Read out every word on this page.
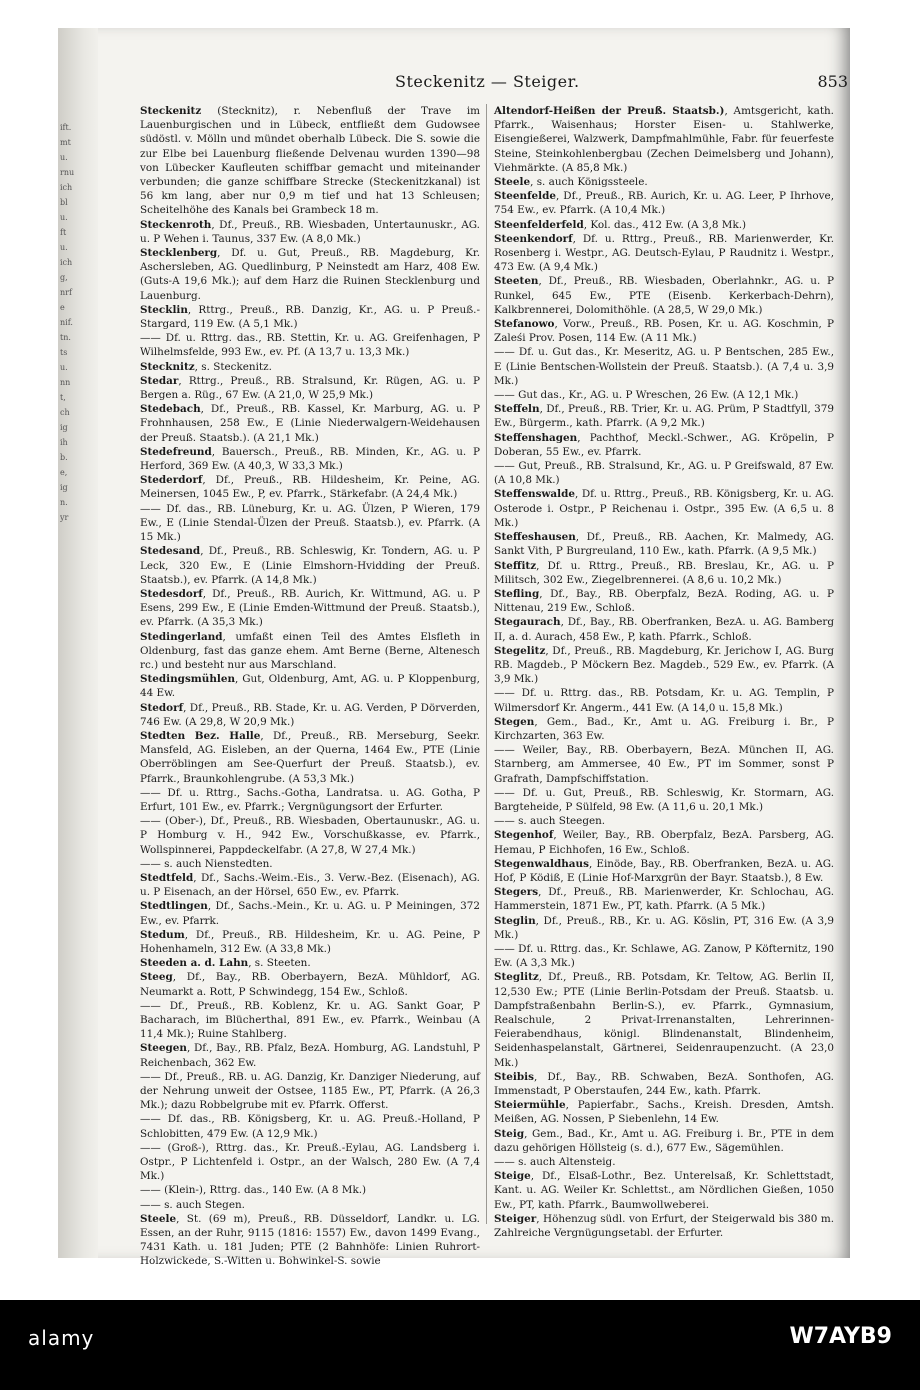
ift.
mt
u.
rnu
ich
bl
u.
ft
u.
ich
g,
nrf
e
nif.
tn.
ts
u.
nn
t,
ch
ig
ih
b.
e,
ig
n.
yr
Steckenitz — Steiger.	853

Steckenitz (Stecknitz), r. Nebenfluß der Trave im Lauenburgischen und in Lübeck, entfließt dem Gudowsee südöstl. v. Mölln und mündet oberhalb Lübeck. Die S. sowie die zur Elbe bei Lauenburg fließende Delvenau wurden 1390—98 von Lübecker Kaufleuten schiffbar gemacht und miteinander verbunden; die ganze schiffbare Strecke (Steckenitzkanal) ist 56 km lang, aber nur 0,9 m tief und hat 13 Schleusen; Scheitelhöhe des Kanals bei Grambeck 18 m.

Steckenroth, Df., Preuß., RB. Wiesbaden, Untertaunuskr., AG. u. P Wehen i. Taunus, 337 Ew. (A 8,0 Mk.)

Stecklenberg, Df. u. Gut, Preuß., RB. Magdeburg, Kr. Aschersleben, AG. Quedlinburg, P Neinstedt am Harz, 408 Ew. (Guts-A 19,6 Mk.); auf dem Harz die Ruinen Stecklenburg und Lauenburg.

Stecklin, Rttrg., Preuß., RB. Danzig, Kr., AG. u. P Preuß.-Stargard, 119 Ew. (A 5,1 Mk.)

—— Df. u. Rttrg. das., RB. Stettin, Kr. u. AG. Greifenhagen, P Wilhelmsfelde, 993 Ew., ev. Pf. (A 13,7 u. 13,3 Mk.)

Stecknitz, s. Steckenitz.

Stedar, Rttrg., Preuß., RB. Stralsund, Kr. Rügen, AG. u. P Bergen a. Rüg., 67 Ew. (A 21,0, W 25,9 Mk.)

Stedebach, Df., Preuß., RB. Kassel, Kr. Marburg, AG. u. P Frohnhausen, 258 Ew., E (Linie Niederwalgern-Weidehausen der Preuß. Staatsb.). (A 21,1 Mk.)

Stedefreund, Bauersch., Preuß., RB. Minden, Kr., AG. u. P Herford, 369 Ew. (A 40,3, W 33,3 Mk.)

Stederdorf, Df., Preuß., RB. Hildesheim, Kr. Peine, AG. Meinersen, 1045 Ew., P, ev. Pfarrk., Stärkefabr. (A 24,4 Mk.)

—— Df. das., RB. Lüneburg, Kr. u. AG. Ülzen, P Wieren, 179 Ew., E (Linie Stendal-Ülzen der Preuß. Staatsb.), ev. Pfarrk. (A 15 Mk.)

Stedesand, Df., Preuß., RB. Schleswig, Kr. Tondern, AG. u. P Leck, 320 Ew., E (Linie Elmshorn-Hvidding der Preuß. Staatsb.), ev. Pfarrk. (A 14,8 Mk.)

Stedesdorf, Df., Preuß., RB. Aurich, Kr. Wittmund, AG. u. P Esens, 299 Ew., E (Linie Emden-Wittmund der Preuß. Staatsb.), ev. Pfarrk. (A 35,3 Mk.)

Stedingerland, umfaßt einen Teil des Amtes Elsfleth in Oldenburg, fast das ganze ehem. Amt Berne (Berne, Altenesch rc.) und besteht nur aus Marschland.

Stedingsmühlen, Gut, Oldenburg, Amt, AG. u. P Kloppenburg, 44 Ew.

Stedorf, Df., Preuß., RB. Stade, Kr. u. AG. Verden, P Dörverden, 746 Ew. (A 29,8, W 20,9 Mk.)

Stedten Bez. Halle, Df., Preuß., RB. Merseburg, Seekr. Mansfeld, AG. Eisleben, an der Querna, 1464 Ew., PTE (Linie Oberröblingen am See-Querfurt der Preuß. Staatsb.), ev. Pfarrk., Braunkohlengrube. (A 53,3 Mk.)

—— Df. u. Rttrg., Sachs.-Gotha, Landratsa. u. AG. Gotha, P Erfurt, 101 Ew., ev. Pfarrk.; Vergnügungsort der Erfurter.

—— (Ober-), Df., Preuß., RB. Wiesbaden, Obertaunuskr., AG. u. P Homburg v. H., 942 Ew., Vorschußkasse, ev. Pfarrk., Wollspinnerei, Pappdeckelfabr. (A 27,8, W 27,4 Mk.)

—— s. auch Nienstedten.

Stedtfeld, Df., Sachs.-Weim.-Eis., 3. Verw.-Bez. (Eisenach), AG. u. P Eisenach, an der Hörsel, 650 Ew., ev. Pfarrk.

Stedtlingen, Df., Sachs.-Mein., Kr. u. AG. u. P Meiningen, 372 Ew., ev. Pfarrk.

Stedum, Df., Preuß., RB. Hildesheim, Kr. u. AG. Peine, P Hohenhameln, 312 Ew. (A 33,8 Mk.)

Steeden a. d. Lahn, s. Steeten.

Steeg, Df., Bay., RB. Oberbayern, BezA. Mühldorf, AG. Neumarkt a. Rott, P Schwindegg, 154 Ew., Schloß.

—— Df., Preuß., RB. Koblenz, Kr. u. AG. Sankt Goar, P Bacharach, im Blücherthal, 891 Ew., ev. Pfarrk., Weinbau (A 11,4 Mk.); Ruine Stahlberg.

Steegen, Df., Bay., RB. Pfalz, BezA. Homburg, AG. Landstuhl, P Reichenbach, 362 Ew.

—— Df., Preuß., RB. u. AG. Danzig, Kr. Danziger Niederung, auf der Nehrung unweit der Ostsee, 1185 Ew., PT, Pfarrk. (A 26,3 Mk.); dazu Robbelgrube mit ev. Pfarrk. Offerst.

—— Df. das., RB. Königsberg, Kr. u. AG. Preuß.-Holland, P Schlobitten, 479 Ew. (A 12,9 Mk.)

—— (Groß-), Rttrg. das., Kr. Preuß.-Eylau, AG. Landsberg i. Ostpr., P Lichtenfeld i. Ostpr., an der Walsch, 280 Ew. (A 7,4 Mk.)

—— (Klein-), Rttrg. das., 140 Ew. (A 8 Mk.)

—— s. auch Stegen.

Steele, St. (69 m), Preuß., RB. Düsseldorf, Landkr. u. LG. Essen, an der Ruhr, 9115 (1816: 1557) Ew., davon 1499 Evang., 7431 Kath. u. 181 Juden; PTE (2 Bahnhöfe: Linien Ruhrort-Holzwickede, S.-Witten u. Bohwinkel-S. sowie

Altendorf-Heißen der Preuß. Staatsb.), Amtsgericht, kath. Pfarrk., Waisenhaus; Horster Eisen- u. Stahlwerke, Eisengießerei, Walzwerk, Dampfmahlmühle, Fabr. für feuerfeste Steine, Steinkohlenbergbau (Zechen Deimelsberg und Johann), Viehmärkte. (A 85,8 Mk.)

Steele, s. auch Königssteele.

Steenfelde, Df., Preuß., RB. Aurich, Kr. u. AG. Leer, P Ihrhove, 754 Ew., ev. Pfarrk. (A 10,4 Mk.)

Steenfelderfeld, Kol. das., 412 Ew. (A 3,8 Mk.)

Steenkendorf, Df. u. Rttrg., Preuß., RB. Marienwerder, Kr. Rosenberg i. Westpr., AG. Deutsch-Eylau, P Raudnitz i. Westpr., 473 Ew. (A 9,4 Mk.)

Steeten, Df., Preuß., RB. Wiesbaden, Oberlahnkr., AG. u. P Runkel, 645 Ew., PTE (Eisenb. Kerkerbach-Dehrn), Kalkbrennerei, Dolomithöhle. (A 28,5, W 29,0 Mk.)

Stefanowo, Vorw., Preuß., RB. Posen, Kr. u. AG. Koschmin, P Zaleśi Prov. Posen, 114 Ew. (A 11 Mk.)

—— Df. u. Gut das., Kr. Meseritz, AG. u. P Bentschen, 285 Ew., E (Linie Bentschen-Wollstein der Preuß. Staatsb.). (A 7,4 u. 3,9 Mk.)

—— Gut das., Kr., AG. u. P Wreschen, 26 Ew. (A 12,1 Mk.)

Steffeln, Df., Preuß., RB. Trier, Kr. u. AG. Prüm, P Stadtfyll, 379 Ew., Bürgerm., kath. Pfarrk. (A 9,2 Mk.)

Steffenshagen, Pachthof, Meckl.-Schwer., AG. Kröpelin, P Doberan, 55 Ew., ev. Pfarrk.

—— Gut, Preuß., RB. Stralsund, Kr., AG. u. P Greifswald, 87 Ew. (A 10,8 Mk.)

Steffenswalde, Df. u. Rttrg., Preuß., RB. Königsberg, Kr. u. AG. Osterode i. Ostpr., P Reichenau i. Ostpr., 395 Ew. (A 6,5 u. 8 Mk.)

Steffeshausen, Df., Preuß., RB. Aachen, Kr. Malmedy, AG. Sankt Vith, P Burgreuland, 110 Ew., kath. Pfarrk. (A 9,5 Mk.)

Steffitz, Df. u. Rttrg., Preuß., RB. Breslau, Kr., AG. u. P Militsch, 302 Ew., Ziegelbrennerei. (A 8,6 u. 10,2 Mk.)

Stefling, Df., Bay., RB. Oberpfalz, BezA. Roding, AG. u. P Nittenau, 219 Ew., Schloß.

Stegaurach, Df., Bay., RB. Oberfranken, BezA. u. AG. Bamberg II, a. d. Aurach, 458 Ew., P, kath. Pfarrk., Schloß.

Stegelitz, Df., Preuß., RB. Magdeburg, Kr. Jerichow I, AG. Burg RB. Magdeb., P Möckern Bez. Magdeb., 529 Ew., ev. Pfarrk. (A 3,9 Mk.)

—— Df. u. Rttrg. das., RB. Potsdam, Kr. u. AG. Templin, P Wilmersdorf Kr. Angerm., 441 Ew. (A 14,0 u. 15,8 Mk.)

Stegen, Gem., Bad., Kr., Amt u. AG. Freiburg i. Br., P Kirchzarten, 363 Ew.

—— Weiler, Bay., RB. Oberbayern, BezA. München II, AG. Starnberg, am Ammersee, 40 Ew., PT im Sommer, sonst P Grafrath, Dampfschiffstation.

—— Df. u. Gut, Preuß., RB. Schleswig, Kr. Stormarn, AG. Bargteheide, P Sülfeld, 98 Ew. (A 11,6 u. 20,1 Mk.)

—— s. auch Steegen.

Stegenhof, Weiler, Bay., RB. Oberpfalz, BezA. Parsberg, AG. Hemau, P Eichhofen, 16 Ew., Schloß.

Stegenwaldhaus, Einöde, Bay., RB. Oberfranken, BezA. u. AG. Hof, P Ködiß, E (Linie Hof-Marxgrün der Bayr. Staatsb.), 8 Ew.

Stegers, Df., Preuß., RB. Marienwerder, Kr. Schlochau, AG. Hammerstein, 1871 Ew., PT, kath. Pfarrk. (A 5 Mk.)

Steglin, Df., Preuß., RB., Kr. u. AG. Köslin, PT, 316 Ew. (A 3,9 Mk.)

—— Df. u. Rttrg. das., Kr. Schlawe, AG. Zanow, P Köfternitz, 190 Ew. (A 3,3 Mk.)

Steglitz, Df., Preuß., RB. Potsdam, Kr. Teltow, AG. Berlin II, 12,530 Ew.; PTE (Linie Berlin-Potsdam der Preuß. Staatsb. u. Dampfstraßenbahn Berlin-S.), ev. Pfarrk., Gymnasium, Realschule, 2 Privat-Irrenanstalten, Lehrerinnen-Feierabendhaus, königl. Blindenanstalt, Blindenheim, Seidenhaspelanstalt, Gärtnerei, Seidenraupenzucht. (A 23,0 Mk.)

Steibis, Df., Bay., RB. Schwaben, BezA. Sonthofen, AG. Immenstadt, P Oberstaufen, 244 Ew., kath. Pfarrk.

Steiermühle, Papierfabr., Sachs., Kreish. Dresden, Amtsh. Meißen, AG. Nossen, P Siebenlehn, 14 Ew.

Steig, Gem., Bad., Kr., Amt u. AG. Freiburg i. Br., PTE in dem dazu gehörigen Höllsteig (s. d.), 677 Ew., Sägemühlen.

—— s. auch Altensteig.

Steige, Df., Elsaß-Lothr., Bez. Unterelsaß, Kr. Schlettstadt, Kant. u. AG. Weiler Kr. Schlettst., am Nördlichen Gießen, 1050 Ew., PT, kath. Pfarrk., Baumwollweberei.

Steiger, Höhenzug südl. von Erfurt, der Steigerwald bis 380 m. Zahlreiche Vergnügungsetabl. der Erfurter.

alamy	W7AYB9
